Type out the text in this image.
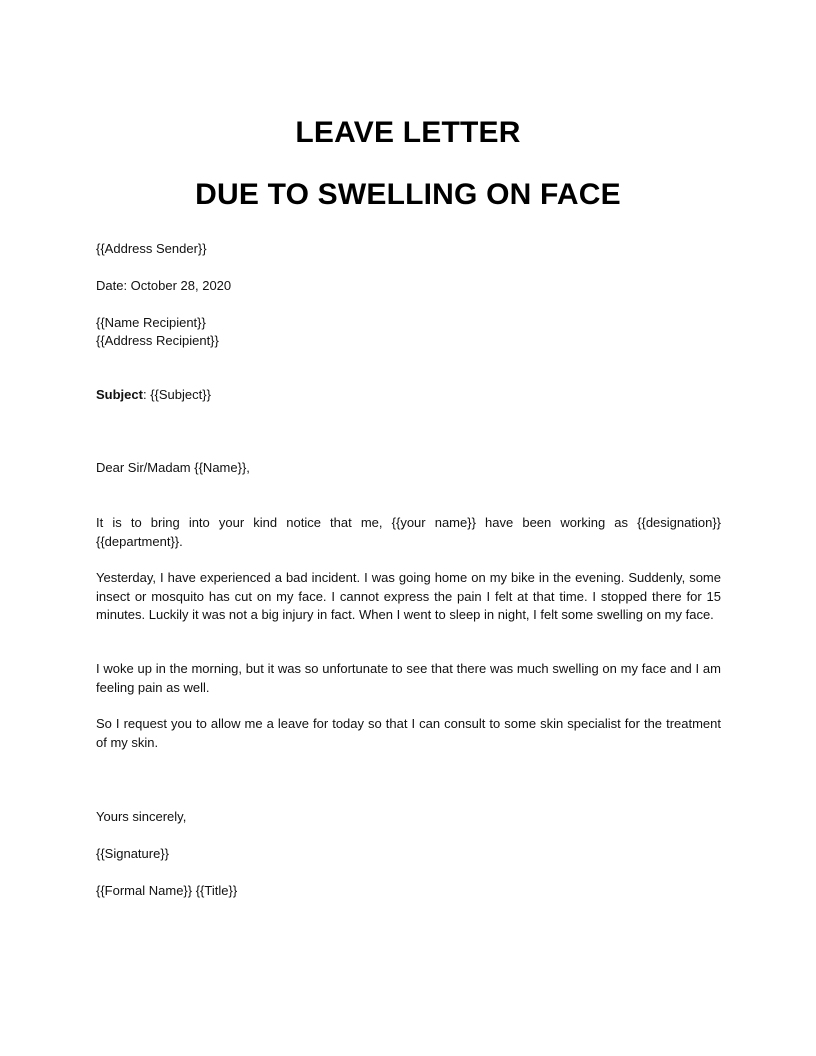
LEAVE LETTER
DUE TO SWELLING ON FACE

{{Address Sender}}

Date: October 28, 2020

{{Name Recipient}}

{{Address Recipient}}

Subject: {{Subject}}

Dear Sir/Madam {{Name}},

It is to bring into your kind notice that me, {{your name}} have been working as {{designation}} {{department}}.

Yesterday, I have experienced a bad incident. I was going home on my bike in the evening. Suddenly, some insect or mosquito has cut on my face. I cannot express the pain I felt at that time. I stopped there for 15 minutes. Luckily it was not a big injury in fact. When I went to sleep in night, I felt some swelling on my face.

I woke up in the morning, but it was so unfortunate to see that there was much swelling on my face and I am feeling pain as well.

So I request you to allow me a leave for today so that I can consult to some skin specialist for the treatment of my skin.

Yours sincerely,

{{Signature}}

{{Formal Name}} {{Title}}
